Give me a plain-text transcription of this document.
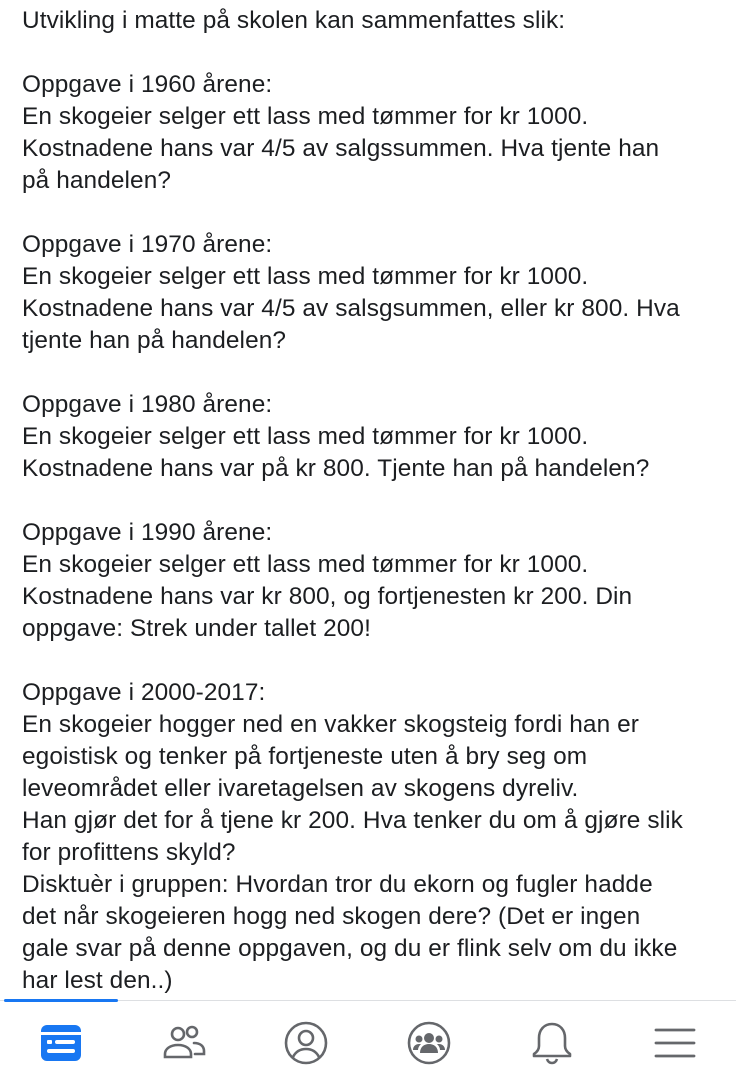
Utvikling i matte på skolen kan sammenfattes slik:
Oppgave i 1960 årene:
En skogeier selger ett lass med tømmer for kr 1000.
Kostnadene hans var 4/5 av salgssummen. Hva tjente han
på handelen?
Oppgave i 1970 årene:
En skogeier selger ett lass med tømmer for kr 1000.
Kostnadene hans var 4/5 av salsgsummen, eller kr 800. Hva
tjente han på handelen?
Oppgave i 1980 årene:
En skogeier selger ett lass med tømmer for kr 1000.
Kostnadene hans var på kr 800. Tjente han på handelen?
Oppgave i 1990 årene:
En skogeier selger ett lass med tømmer for kr 1000.
Kostnadene hans var kr 800, og fortjenesten kr 200. Din
oppgave: Strek under tallet 200!
Oppgave i 2000-2017:
En skogeier hogger ned en vakker skogsteig fordi han er
egoistisk og tenker på fortjeneste uten å bry seg om
leveområdet eller ivaretagelsen av skogens dyreliv.
Han gjør det for å tjene kr 200. Hva tenker du om å gjøre slik
for profittens skyld?
Disktuèr i gruppen: Hvordan tror du ekorn og fugler hadde
det når skogeieren hogg ned skogen dere? (Det er ingen
gale svar på denne oppgaven, og du er flink selv om du ikke
har lest den..)
